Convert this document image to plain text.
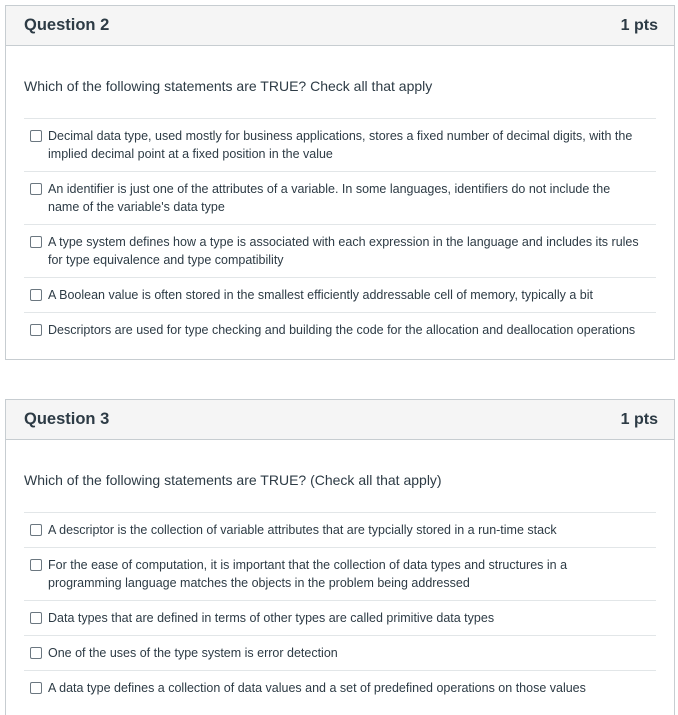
Question 2	1 pts
Which of the following statements are TRUE? Check all that apply
Decimal data type, used mostly for business applications, stores a fixed number of decimal digits, with the implied decimal point at a fixed position in the value
An identifier is just one of the attributes of a variable. In some languages, identifiers do not include the name of the variable's data type
A type system defines how a type is associated with each expression in the language and includes its rules for type equivalence and type compatibility
A Boolean value is often stored in the smallest efficiently addressable cell of memory, typically a bit
Descriptors are used for type checking and building the code for the allocation and deallocation operations
Question 3	1 pts
Which of the following statements are TRUE? (Check all that apply)
A descriptor is the collection of variable attributes that are typcially stored in a run-time stack
For the ease of computation, it is important that the collection of data types and structures in a programming language matches the objects in the problem being addressed
Data types that are defined in terms of other types are called primitive data types
One of the uses of the type system is error detection
A data type defines a collection of data values and a set of predefined operations on those values
